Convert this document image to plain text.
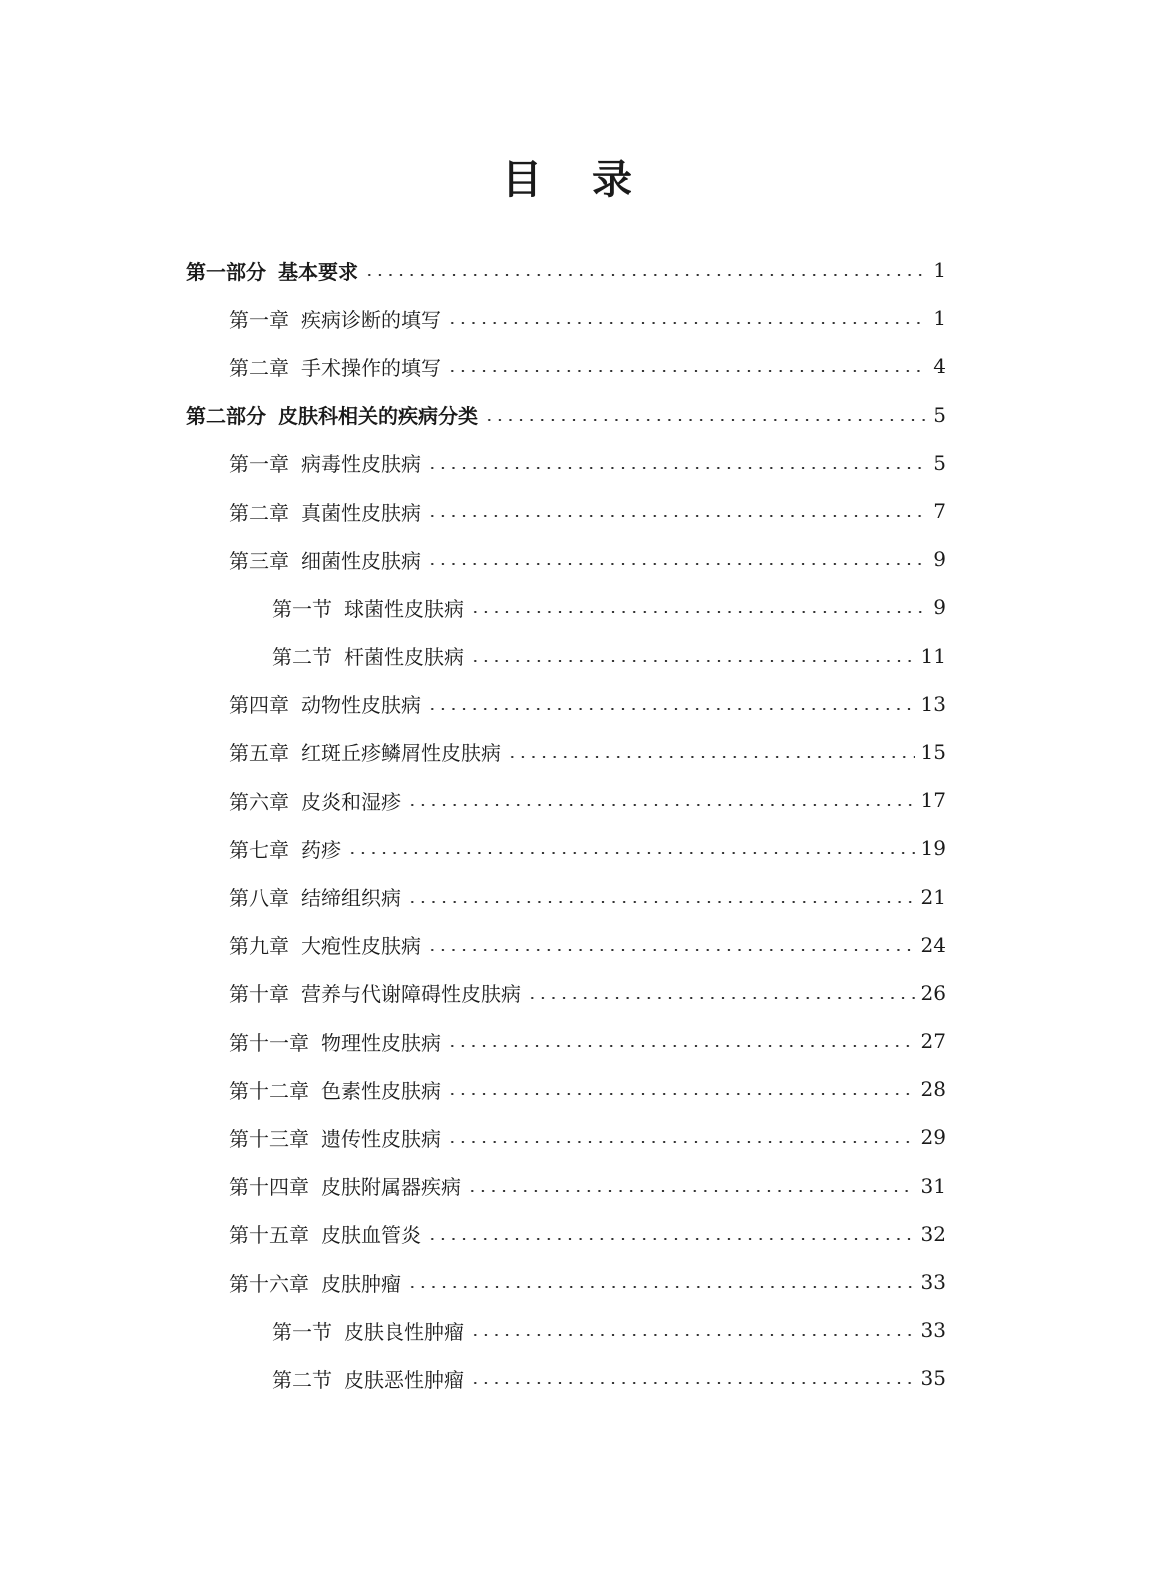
目 录
第一部分 基本要求	1
第一章 疾病诊断的填写	1
第二章 手术操作的填写	4
第二部分 皮肤科相关的疾病分类	5
第一章 病毒性皮肤病	5
第二章 真菌性皮肤病	7
第三章 细菌性皮肤病	9
第一节 球菌性皮肤病	9
第二节 杆菌性皮肤病	11
第四章 动物性皮肤病	13
第五章 红斑丘疹鳞屑性皮肤病	15
第六章 皮炎和湿疹	17
第七章 药疹	19
第八章 结缔组织病	21
第九章 大疱性皮肤病	24
第十章 营养与代谢障碍性皮肤病	26
第十一章 物理性皮肤病	27
第十二章 色素性皮肤病	28
第十三章 遗传性皮肤病	29
第十四章 皮肤附属器疾病	31
第十五章 皮肤血管炎	32
第十六章 皮肤肿瘤	33
第一节 皮肤良性肿瘤	33
第二节 皮肤恶性肿瘤	35
